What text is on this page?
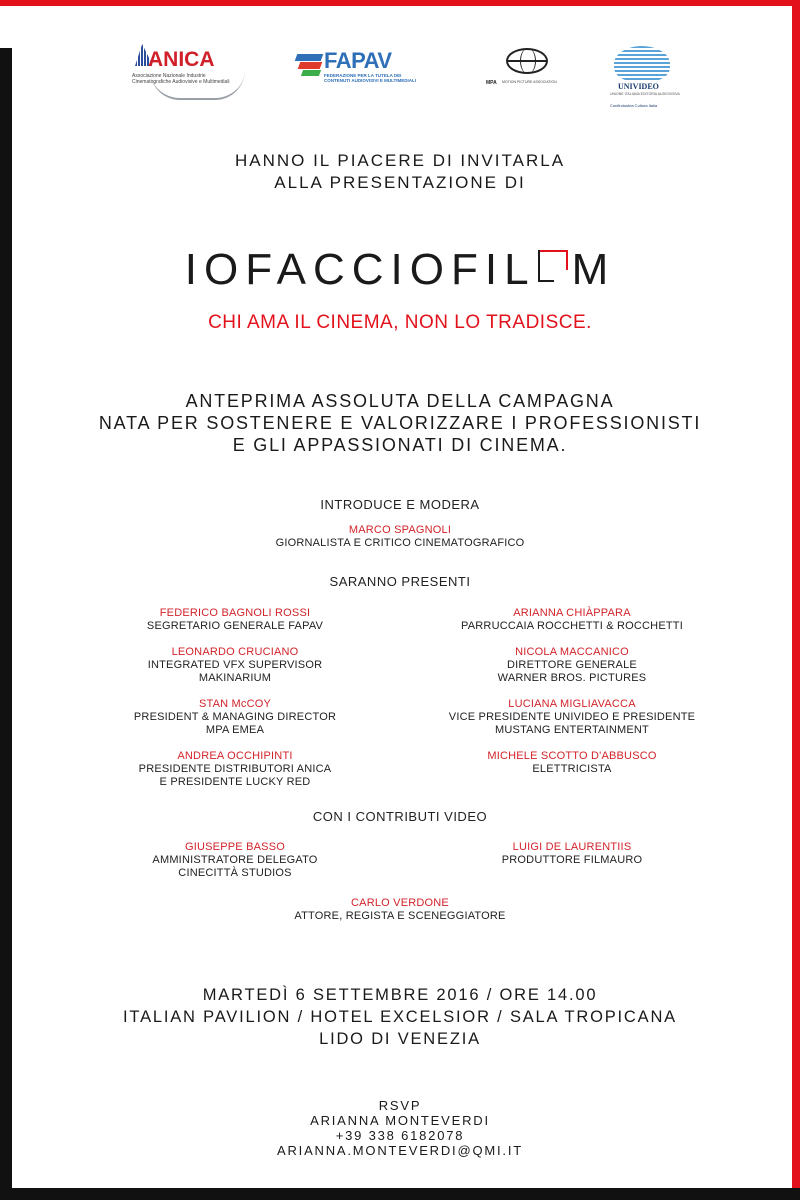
ANICA
Associazione Nazionale Industrie Cinematografiche Audiovisive e Multimediali
FAPAV
FEDERAZIONE PER LA TUTELA DEI CONTENUTI AUDIOVISIVI E MULTIMEDIALI	MPA MOTION PICTURE ASSOCIATION	UNIVIDEO
UNIONE ITALIANA EDITORIA AUDIOVISIVA
Confindustria Cultura Italia
HANNO IL PIACERE DI INVITARLA
ALLA PRESENTAZIONE DI
IOFACCIOFIL M
CHI AMA IL CINEMA, NON LO TRADISCE.
ANTEPRIMA ASSOLUTA DELLA CAMPAGNA
NATA PER SOSTENERE E VALORIZZARE I PROFESSIONISTI
E GLI APPASSIONATI DI CINEMA.
INTRODUCE E MODERA
MARCO SPAGNOLI
GIORNALISTA E CRITICO CINEMATOGRAFICO
SARANNO PRESENTI
FEDERICO BAGNOLI ROSSI
SEGRETARIO GENERALE FAPAV
LEONARDO CRUCIANO
INTEGRATED VFX SUPERVISOR
MAKINARIUM
STAN McCOY
PRESIDENT & MANAGING DIRECTOR
MPA EMEA
ANDREA OCCHIPINTI
PRESIDENTE DISTRIBUTORI ANICA
E PRESIDENTE LUCKY RED
ARIANNA CHIÀPPARA
PARRUCCAIA ROCCHETTI & ROCCHETTI
NICOLA MACCANICO
DIRETTORE GENERALE
WARNER BROS. PICTURES
LUCIANA MIGLIAVACCA
VICE PRESIDENTE UNIVIDEO E PRESIDENTE
MUSTANG ENTERTAINMENT
MICHELE SCOTTO D'ABBUSCO
ELETTRICISTA
CON I CONTRIBUTI VIDEO
GIUSEPPE BASSO
AMMINISTRATORE DELEGATO
CINECITTÀ STUDIOS
LUIGI DE LAURENTIIS
PRODUTTORE FILMAURO
CARLO VERDONE
ATTORE, REGISTA E SCENEGGIATORE
MARTEDÌ 6 SETTEMBRE 2016 / ORE 14.00
ITALIAN PAVILION / HOTEL EXCELSIOR / SALA TROPICANA
LIDO DI VENEZIA
RSVP
ARIANNA MONTEVERDI
+39 338 6182078
ARIANNA.MONTEVERDI@QMI.IT
